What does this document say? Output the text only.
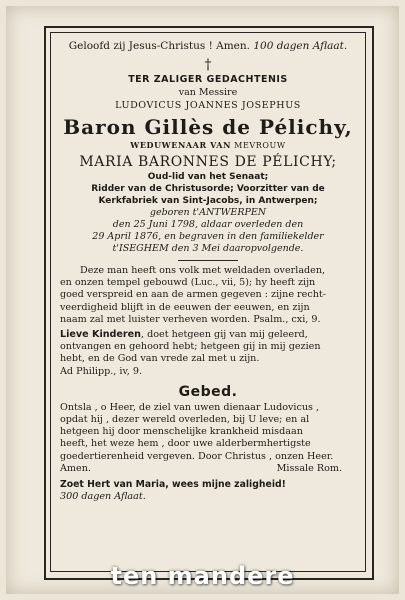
Geloofd zij Jesus-Christus ! Amen. 100 dagen Aflaat.
†
TER ZALIGER GEDACHTENIS
van Messire
LUDOVICUS JOANNES JOSEPHUS
Baron Gillès de Pélichy,
WEDUWENAAR VAN MEVROUW
MARIA BARONNES DE PÉLICHY;
Oud-lid van het Senaat;
Ridder van de Christusorde; Voorzitter van de
Kerkfabriek van Sint-Jacobs, in Antwerpen;
geboren t'ANTWERPEN
den 25 Juni 1798, aldaar overleden den
29 April 1876, en begraven in den familiekelder
t'ISEGHEM den 3 Mei daaropvolgende.
Deze man heeft ons volk met weldaden overladen,
en onzen tempel gebouwd (Luc., vii, 5); hy heeft zijn
goed verspreid en aan de armen gegeven : zijne recht-
veerdigheid blijft in de eeuwen der eeuwen, en zijn
naam zal met luister verheven worden. Psalm., cxi, 9.
Lieve Kinderen, doet hetgeen gij van mij geleerd,
ontvangen en gehoord hebt; hetgeen gij in mij gezien
hebt, en de God van vrede zal met u zijn.
Ad Philipp., iv, 9.
Gebed.
Ontsla , o Heer, de ziel van uwen dienaar Ludovicus ,
opdat hij , dezer wereld overleden, bij U leve; en al
hetgeen hij door menschelijke krankheid misdaan
heeft, het weze hem , door uwe alderbermhertigste
goedertierenheid vergeven. Door Christus , onzen Heer.
Amen.	Missale Rom.
Zoet Hert van Maria, wees mijne zaligheid!
300 dagen Aflaat.
ten mandere
